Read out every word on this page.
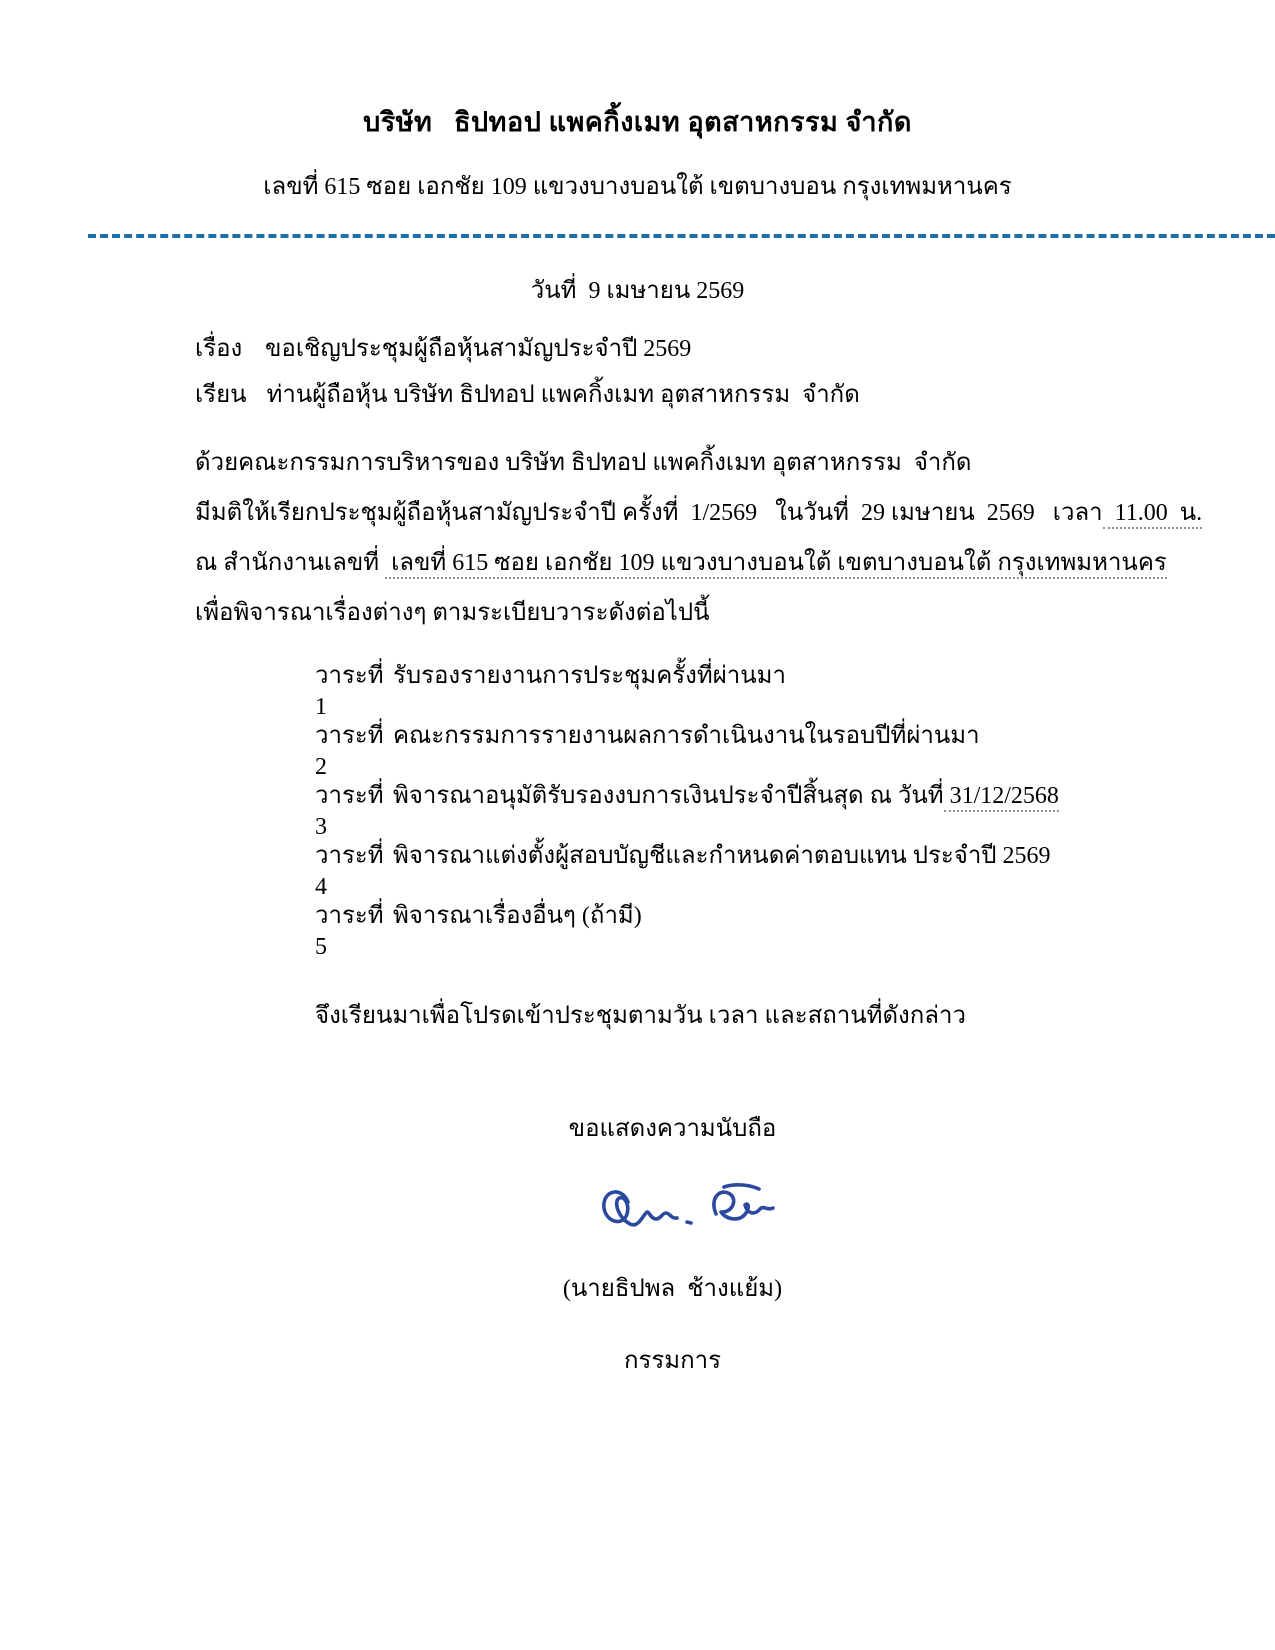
บริษัท   ธิปทอป แพคกิ้งเมท อุตสาหกรรม จำกัด
เลขที่ 615 ซอย เอกชัย 109 แขวงบางบอนใต้ เขตบางบอน กรุงเทพมหานคร
วันที่  9 เมษายน 2569
เรื่อง ขอเชิญประชุมผู้ถือหุ้นสามัญประจำปี 2569
เรียน ท่านผู้ถือหุ้น บริษัท ธิปทอป แพคกิ้งเมท อุตสาหกรรม  จำกัด
ด้วยคณะกรรมการบริหารของ บริษัท ธิปทอป แพคกิ้งเมท อุตสาหกรรม  จำกัด
มีมติให้เรียกประชุมผู้ถือหุ้นสามัญประจำปี ครั้งที่  1/2569   ในวันที่  29 เมษายน  2569   เวลา  11.00  น.
ณ สำนักงานเลขที่  เลขที่ 615 ซอย เอกชัย 109 แขวงบางบอนใต้ เขตบางบอนใต้ กรุงเทพมหานคร
เพื่อพิจารณาเรื่องต่างๆ ตามระเบียบวาระดังต่อไปนี้
วาระที่ 1
รับรองรายงานการประชุมครั้งที่ผ่านมา
วาระที่ 2
คณะกรรมการรายงานผลการดำเนินงานในรอบปีที่ผ่านมา
วาระที่ 3
พิจารณาอนุมัติรับรองงบการเงินประจำปีสิ้นสุด ณ วันที่ 31/12/2568
วาระที่ 4
พิจารณาแต่งตั้งผู้สอบบัญชีและกำหนดค่าตอบแทน ประจำปี 2569
วาระที่ 5
พิจารณาเรื่องอื่นๆ (ถ้ามี)
จึงเรียนมาเพื่อโปรดเข้าประชุมตามวัน เวลา และสถานที่ดังกล่าว
ขอแสดงความนับถือ
(นายธิปพล  ช้างแย้ม)
กรรมการ
